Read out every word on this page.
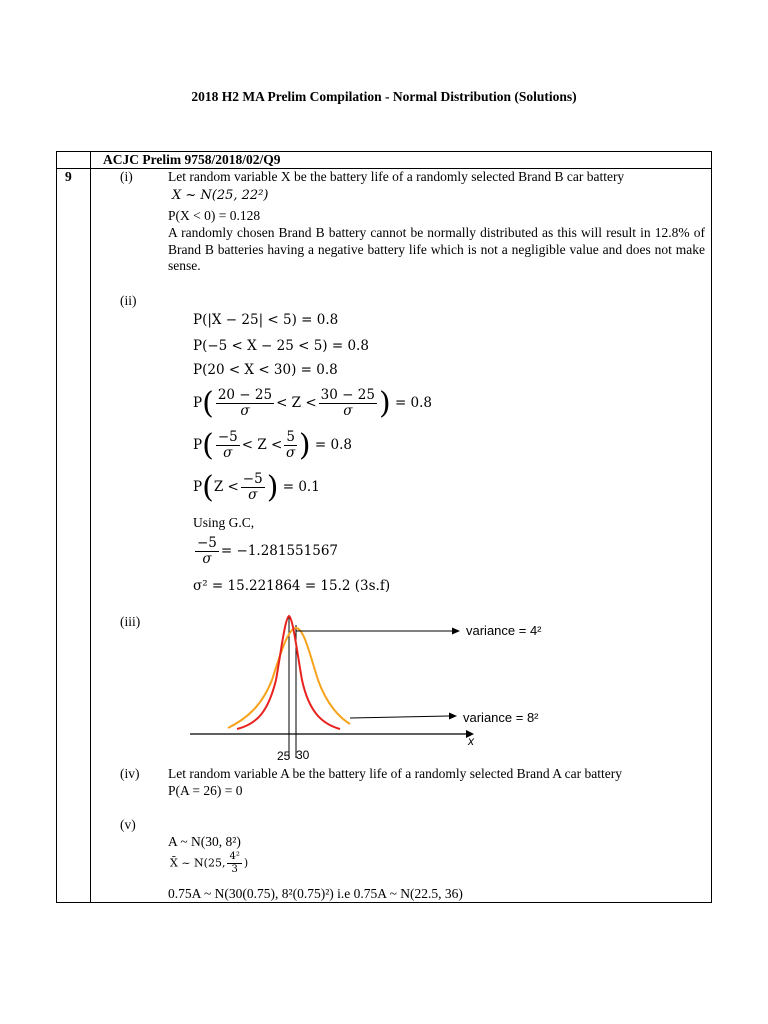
2018 H2 MA Prelim Compilation - Normal Distribution (Solutions)
ACJC Prelim 9758/2018/02/Q9
9	(i)	Let random variable X be the battery life of a randomly selected Brand B car battery
X ~ N(25, 22²)
P(X < 0) = 0.128
A randomly chosen Brand B battery cannot be normally distributed as this will result in 12.8% of Brand B batteries having a negative battery life which is not a negligible value and does not make sense.
(ii)
P(|X − 25| < 5) = 0.8
P(−5 < X − 25 < 5) = 0.8
P(20 < X < 30) = 0.8
$P( \frac{20 - 25}{\sigma} < Z < \frac{30 - 25}{\sigma}$ ) = 0.8
$P( \frac{-5}{\sigma} < Z < \frac{5}{\sigma}$ ) = 0.8
$P(Z < \frac{-5}{\sigma}$ ) = 0.1
Using G.C,
$\frac{-5}{\sigma} = -1.281551567$
σ² = 15.221864 = 15.2 (3s.f)
(iii)
variance = 4²
variance = 8²
x
25 30
(iv) Let random variable A be the battery life of a randomly selected Brand A car battery
P(A = 26) = 0
(v)
A ~ N(30, 8²)
X̄ ~ N(25, $\frac{\text{4²}}{3}$ )
0.75A ~ N(30(0.75), 8²(0.75)²) i.e 0.75A ~ N(22.5, 36)
